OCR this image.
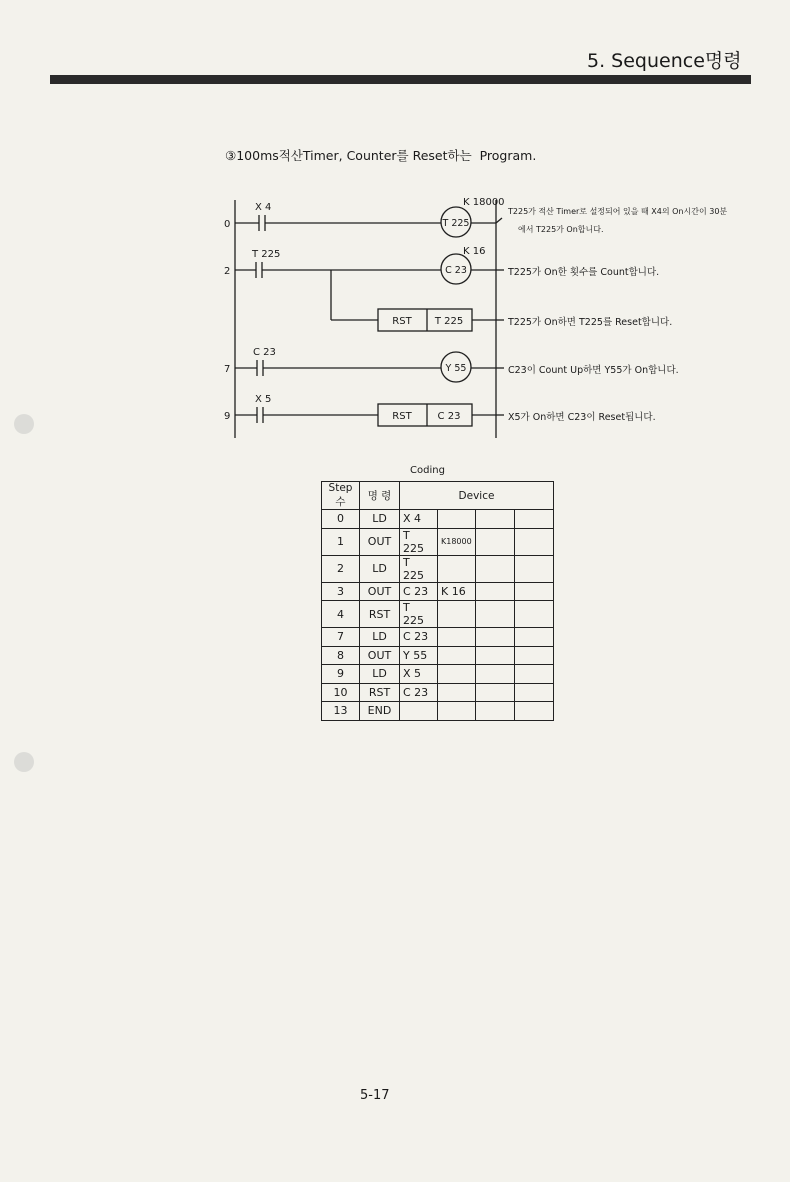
5. Sequence명령
③100ms적산Timer, Counter를 Reset하는  Program.
0
2
7
9
X 4
T 225
C 23
X 5
T 225
C 23
Y 55
K 18000
K 16
RST T 225
RST	C 23
T225가 적산 Timer로 설정되어 있을 때 X4의 On시간이 30분
에서 T225가 On합니다.
T225가 On한 횟수를 Count합니다.
T225가 On하면 T225를 Reset합니다.
C23이 Count Up하면 Y55가 On합니다.
X5가 On하면 C23이 Reset됩니다.
Coding
Step수	명 령	Device			
0	LD	X 4			
1	OUT	T 225	K18000		
2	LD	T 225			
3	OUT	C 23	K 16		
4	RST	T 225			
7	LD	C 23			
8	OUT	Y 55			
9	LD	X 5			
10	RST	C 23			
13	END				
5-17
